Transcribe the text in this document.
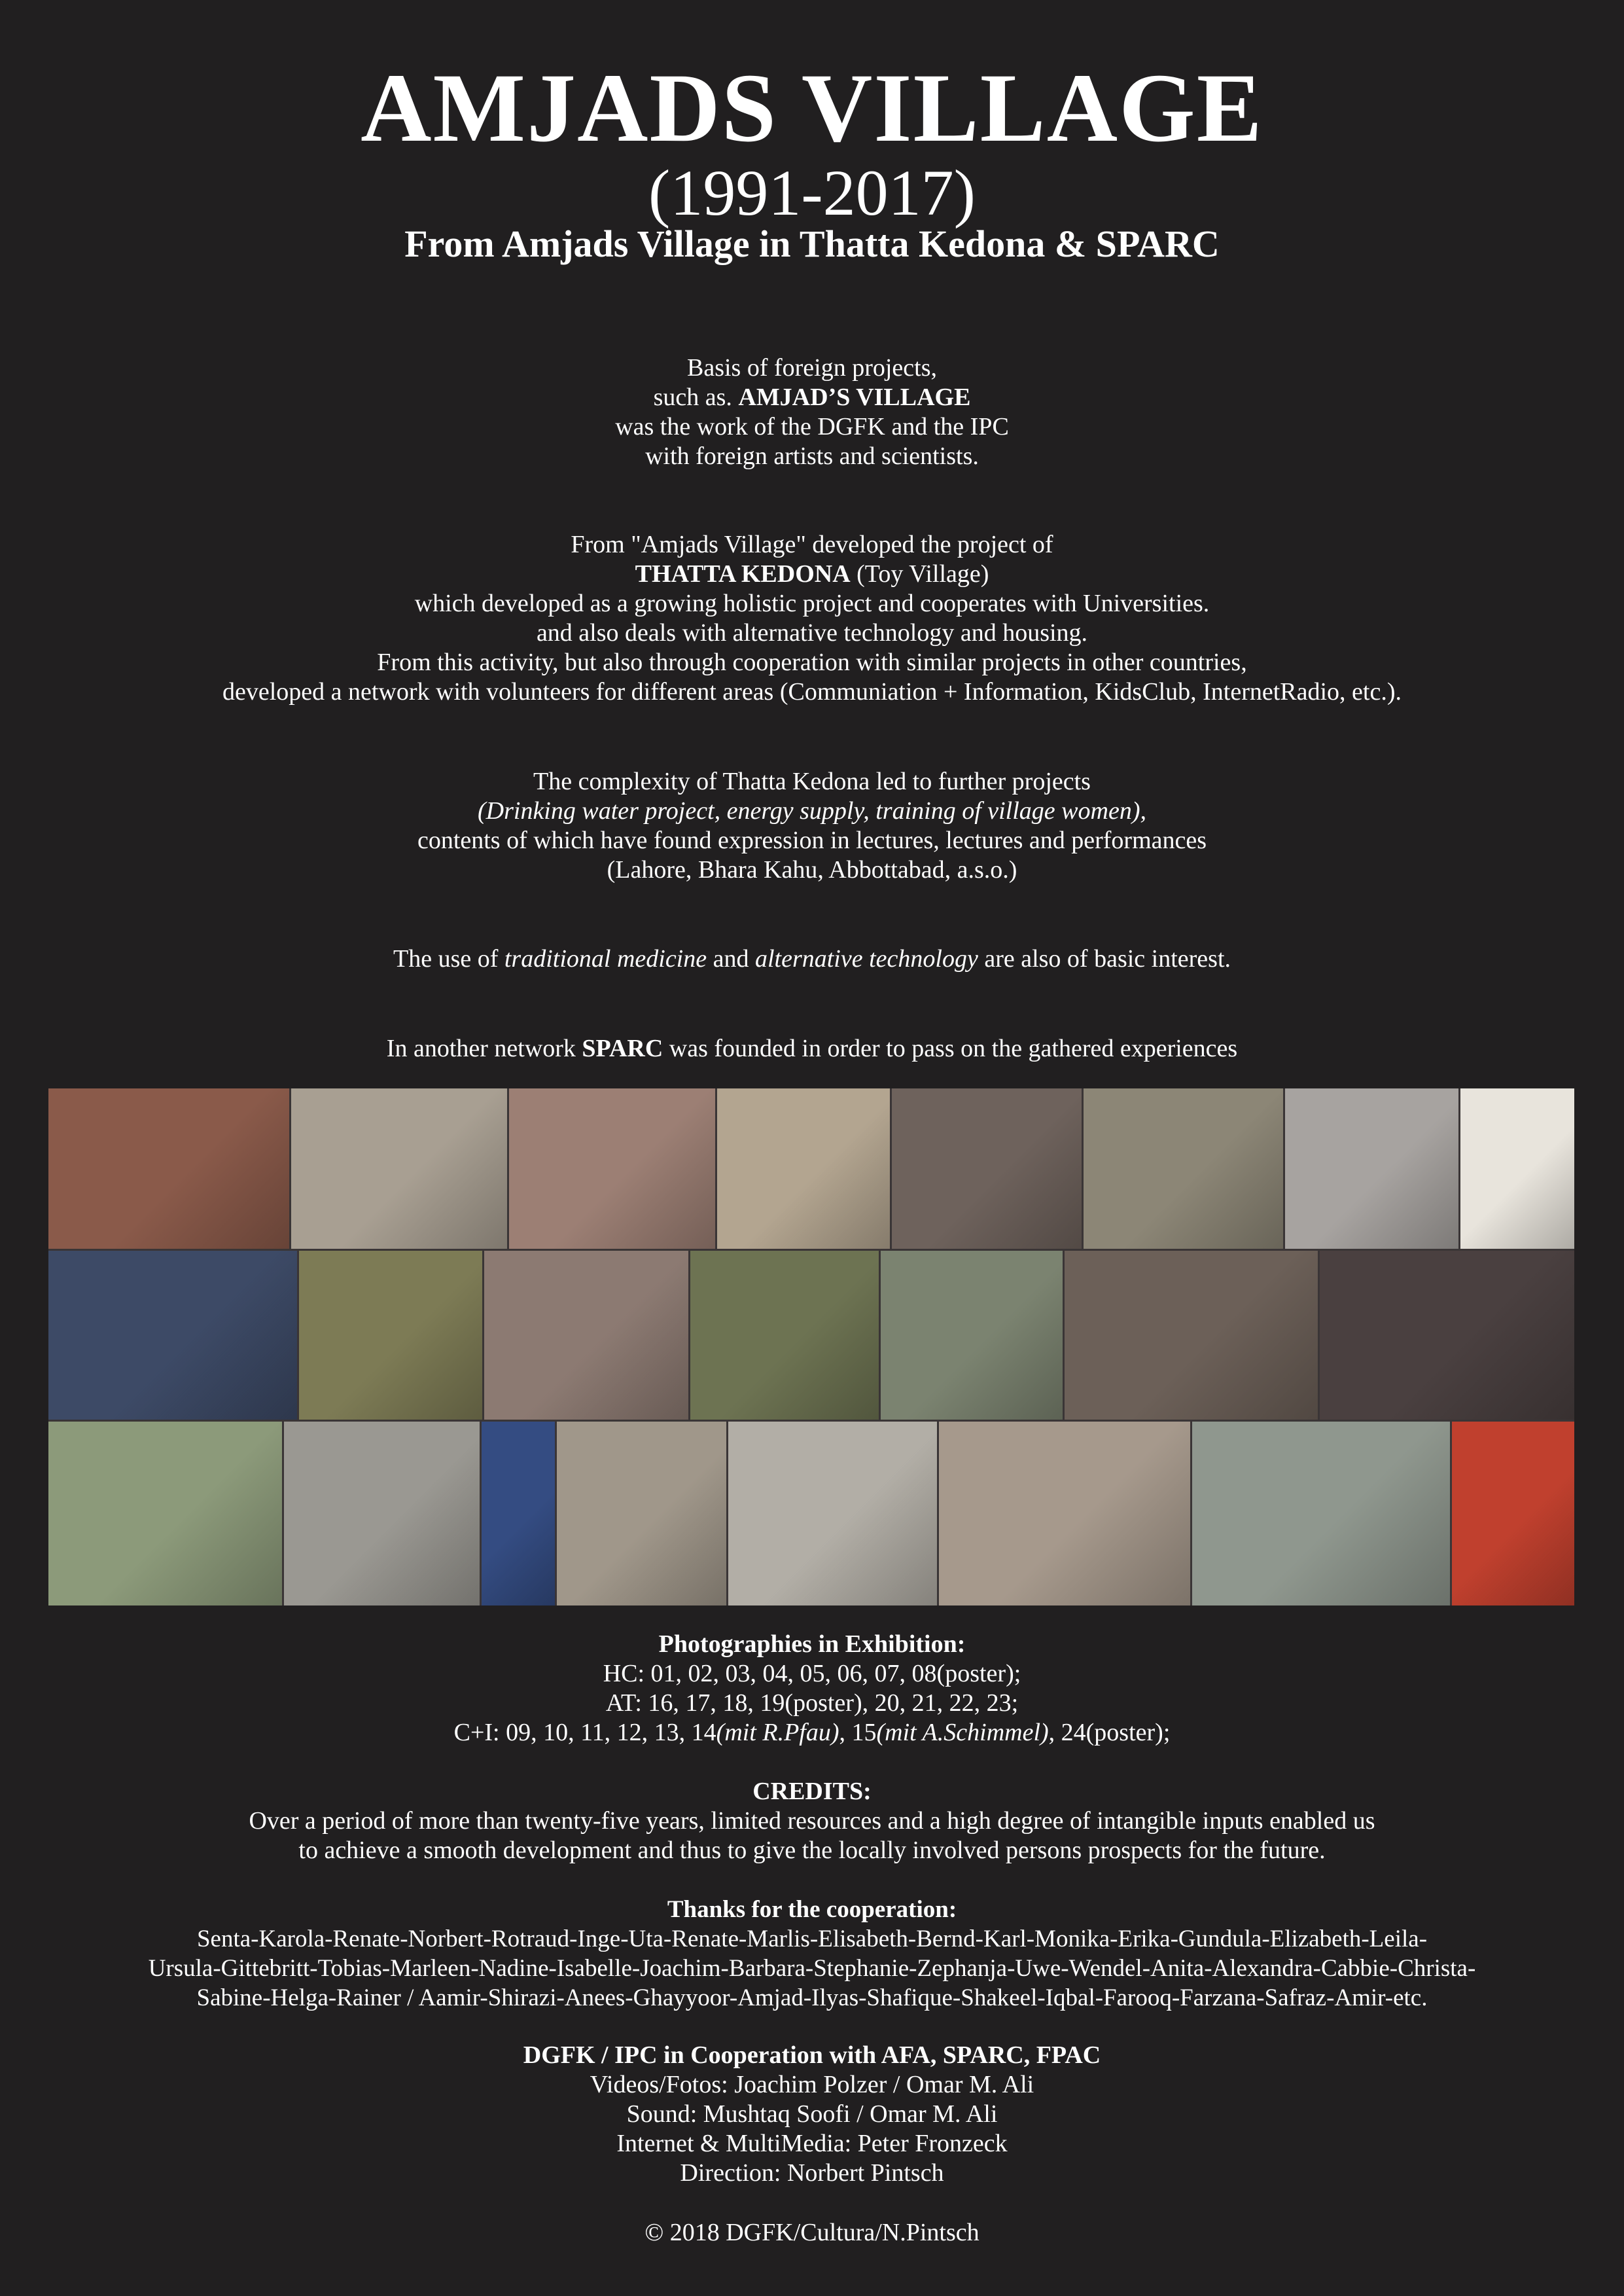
AMJADS VILLAGE
(1991-2017)
From Amjads Village in Thatta Kedona & SPARC

Basis of foreign projects,

such as. AMJAD’S VILLAGE

was the work of the DGFK and the IPC

with foreign artists and scientists.

From "Amjads Village" developed the project of

THATTA KEDONA (Toy Village)

which developed as a growing holistic project and cooperates with Universities.

and also deals with alternative technology and housing.

From this activity, but also through cooperation with similar projects in other countries,

developed a network with volunteers for different areas (Communiation + Information, KidsClub, InternetRadio, etc.).

The complexity of Thatta Kedona led to further projects

(Drinking water project, energy supply, training of village women),

contents of which have found expression in lectures, lectures and performances

(Lahore, Bhara Kahu, Abbottabad, a.s.o.)

The use of traditional medicine and alternative technology are also of basic interest.

In another network SPARC was founded in order to pass on the gathered experiences

Photographies in Exhibition:

HC: 01, 02, 03, 04, 05, 06, 07, 08(poster);

AT: 16, 17, 18, 19(poster), 20, 21, 22, 23;

C+I: 09, 10, 11, 12, 13, 14(mit R.Pfau), 15(mit A.Schimmel), 24(poster);

CREDITS:

Over a period of more than twenty-five years, limited resources and a high degree of intangible inputs enabled us

to achieve a smooth development and thus to give the locally involved persons prospects for the future.

Thanks for the cooperation:

Senta-Karola-Renate-Norbert-Rotraud-Inge-Uta-Renate-Marlis-Elisabeth-Bernd-Karl-Monika-Erika-Gundula-Elizabeth-Leila-

Ursula-Gittebritt-Tobias-Marleen-Nadine-Isabelle-Joachim-Barbara-Stephanie-Zephanja-Uwe-Wendel-Anita-Alexandra-Cabbie-Christa-

Sabine-Helga-Rainer / Aamir-Shirazi-Anees-Ghayyoor-Amjad-Ilyas-Shafique-Shakeel-Iqbal-Farooq-Farzana-Safraz-Amir-etc.

DGFK / IPC in Cooperation with AFA, SPARC, FPAC

Videos/Fotos: Joachim Polzer / Omar M. Ali

Sound: Mushtaq Soofi / Omar M. Ali

Internet & MultiMedia: Peter Fronzeck

Direction: Norbert Pintsch

© 2018 DGFK/Cultura/N.Pintsch
